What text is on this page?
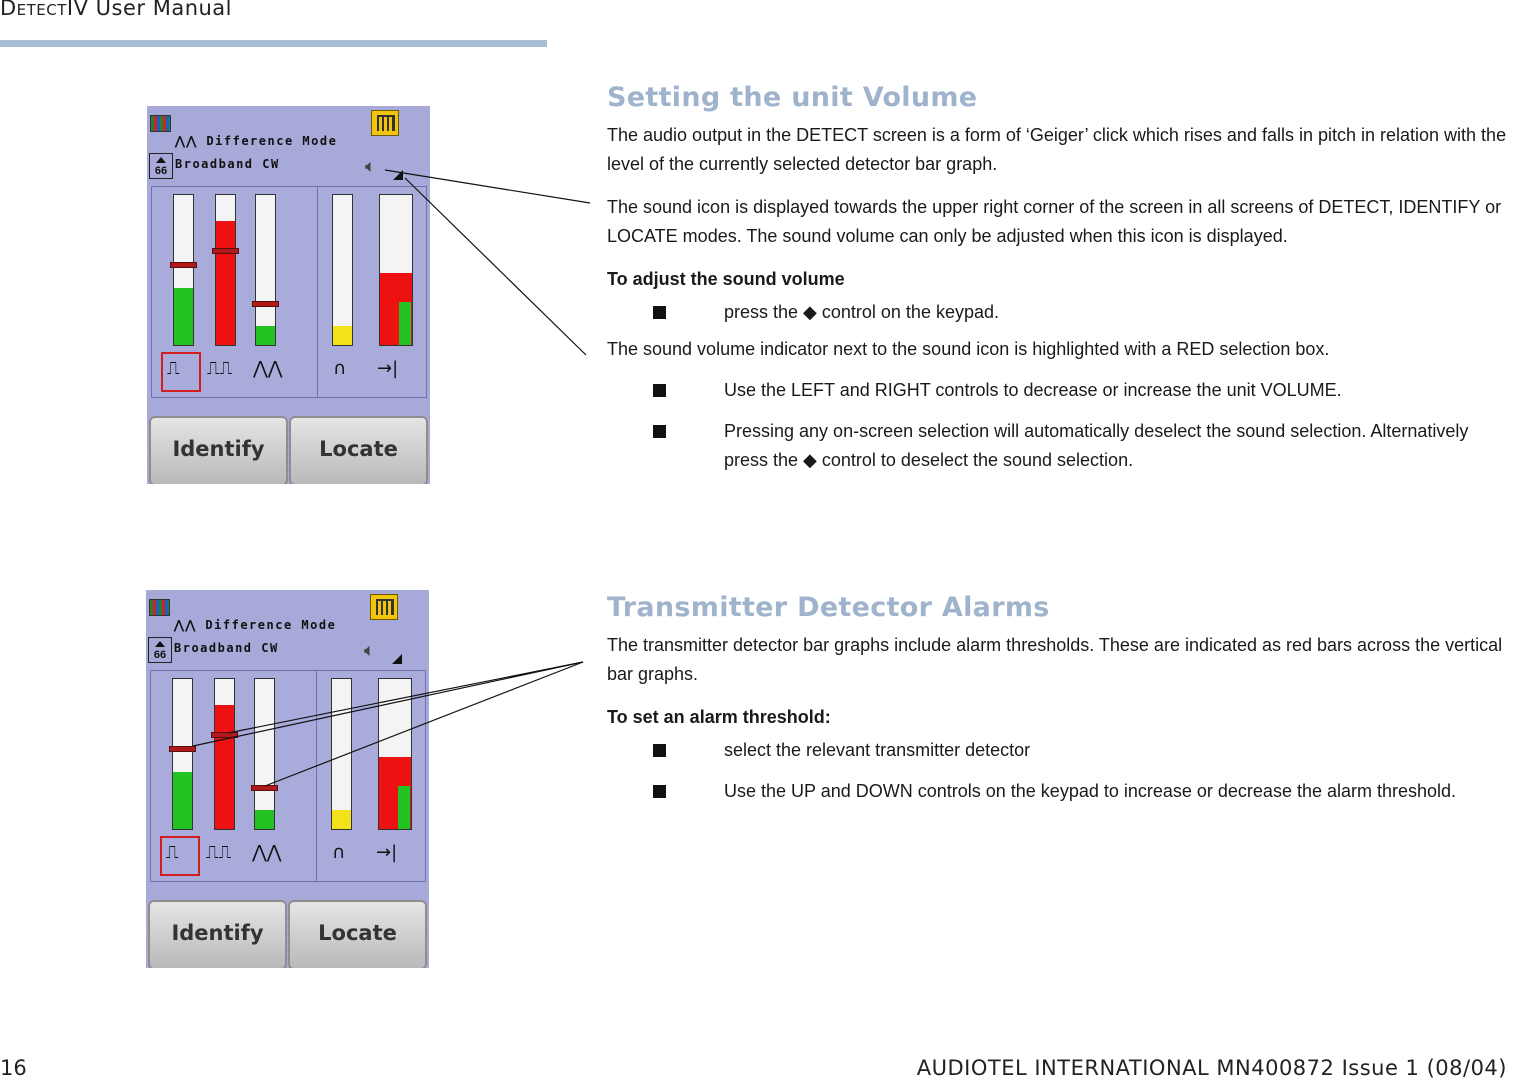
DetectIV User Manual
⋀⋀ Difference Mode
66 Broadband CW	🔈︎
⎍ ⎍⎍ ⋀⋀	∩ →|
Identify	Locate
⋀⋀ Difference Mode
66 Broadband CW	🔈︎
⎍ ⎍⎍ ⋀⋀	∩ →|
Identify	Locate
Setting the unit Volume
The audio output in the DETECT screen is a form of ‘Geiger’ click which rises and falls in pitch in relation with the level of the currently selected detector bar graph.
The sound icon is displayed towards the upper right corner of the screen in all screens of DETECT, IDENTIFY or LOCATE modes. The sound volume can only be adjusted when this icon is displayed.
To adjust the sound volume
press the ◆ control on the keypad.
The sound volume indicator next to the sound icon is highlighted with a RED selection box.
Use the LEFT and RIGHT controls to decrease or increase the unit VOLUME.
Pressing any on-screen selection will automatically deselect the sound selection. Alternatively press the ◆ control to deselect the sound selection.
Transmitter Detector Alarms
The transmitter detector bar graphs include alarm thresholds. These are indicated as red bars across the vertical bar graphs.
To set an alarm threshold:
select the relevant transmitter detector
Use the UP and DOWN controls on the keypad to increase or decrease the alarm threshold.
16	AUDIOTEL INTERNATIONAL MN400872 Issue 1 (08/04)
